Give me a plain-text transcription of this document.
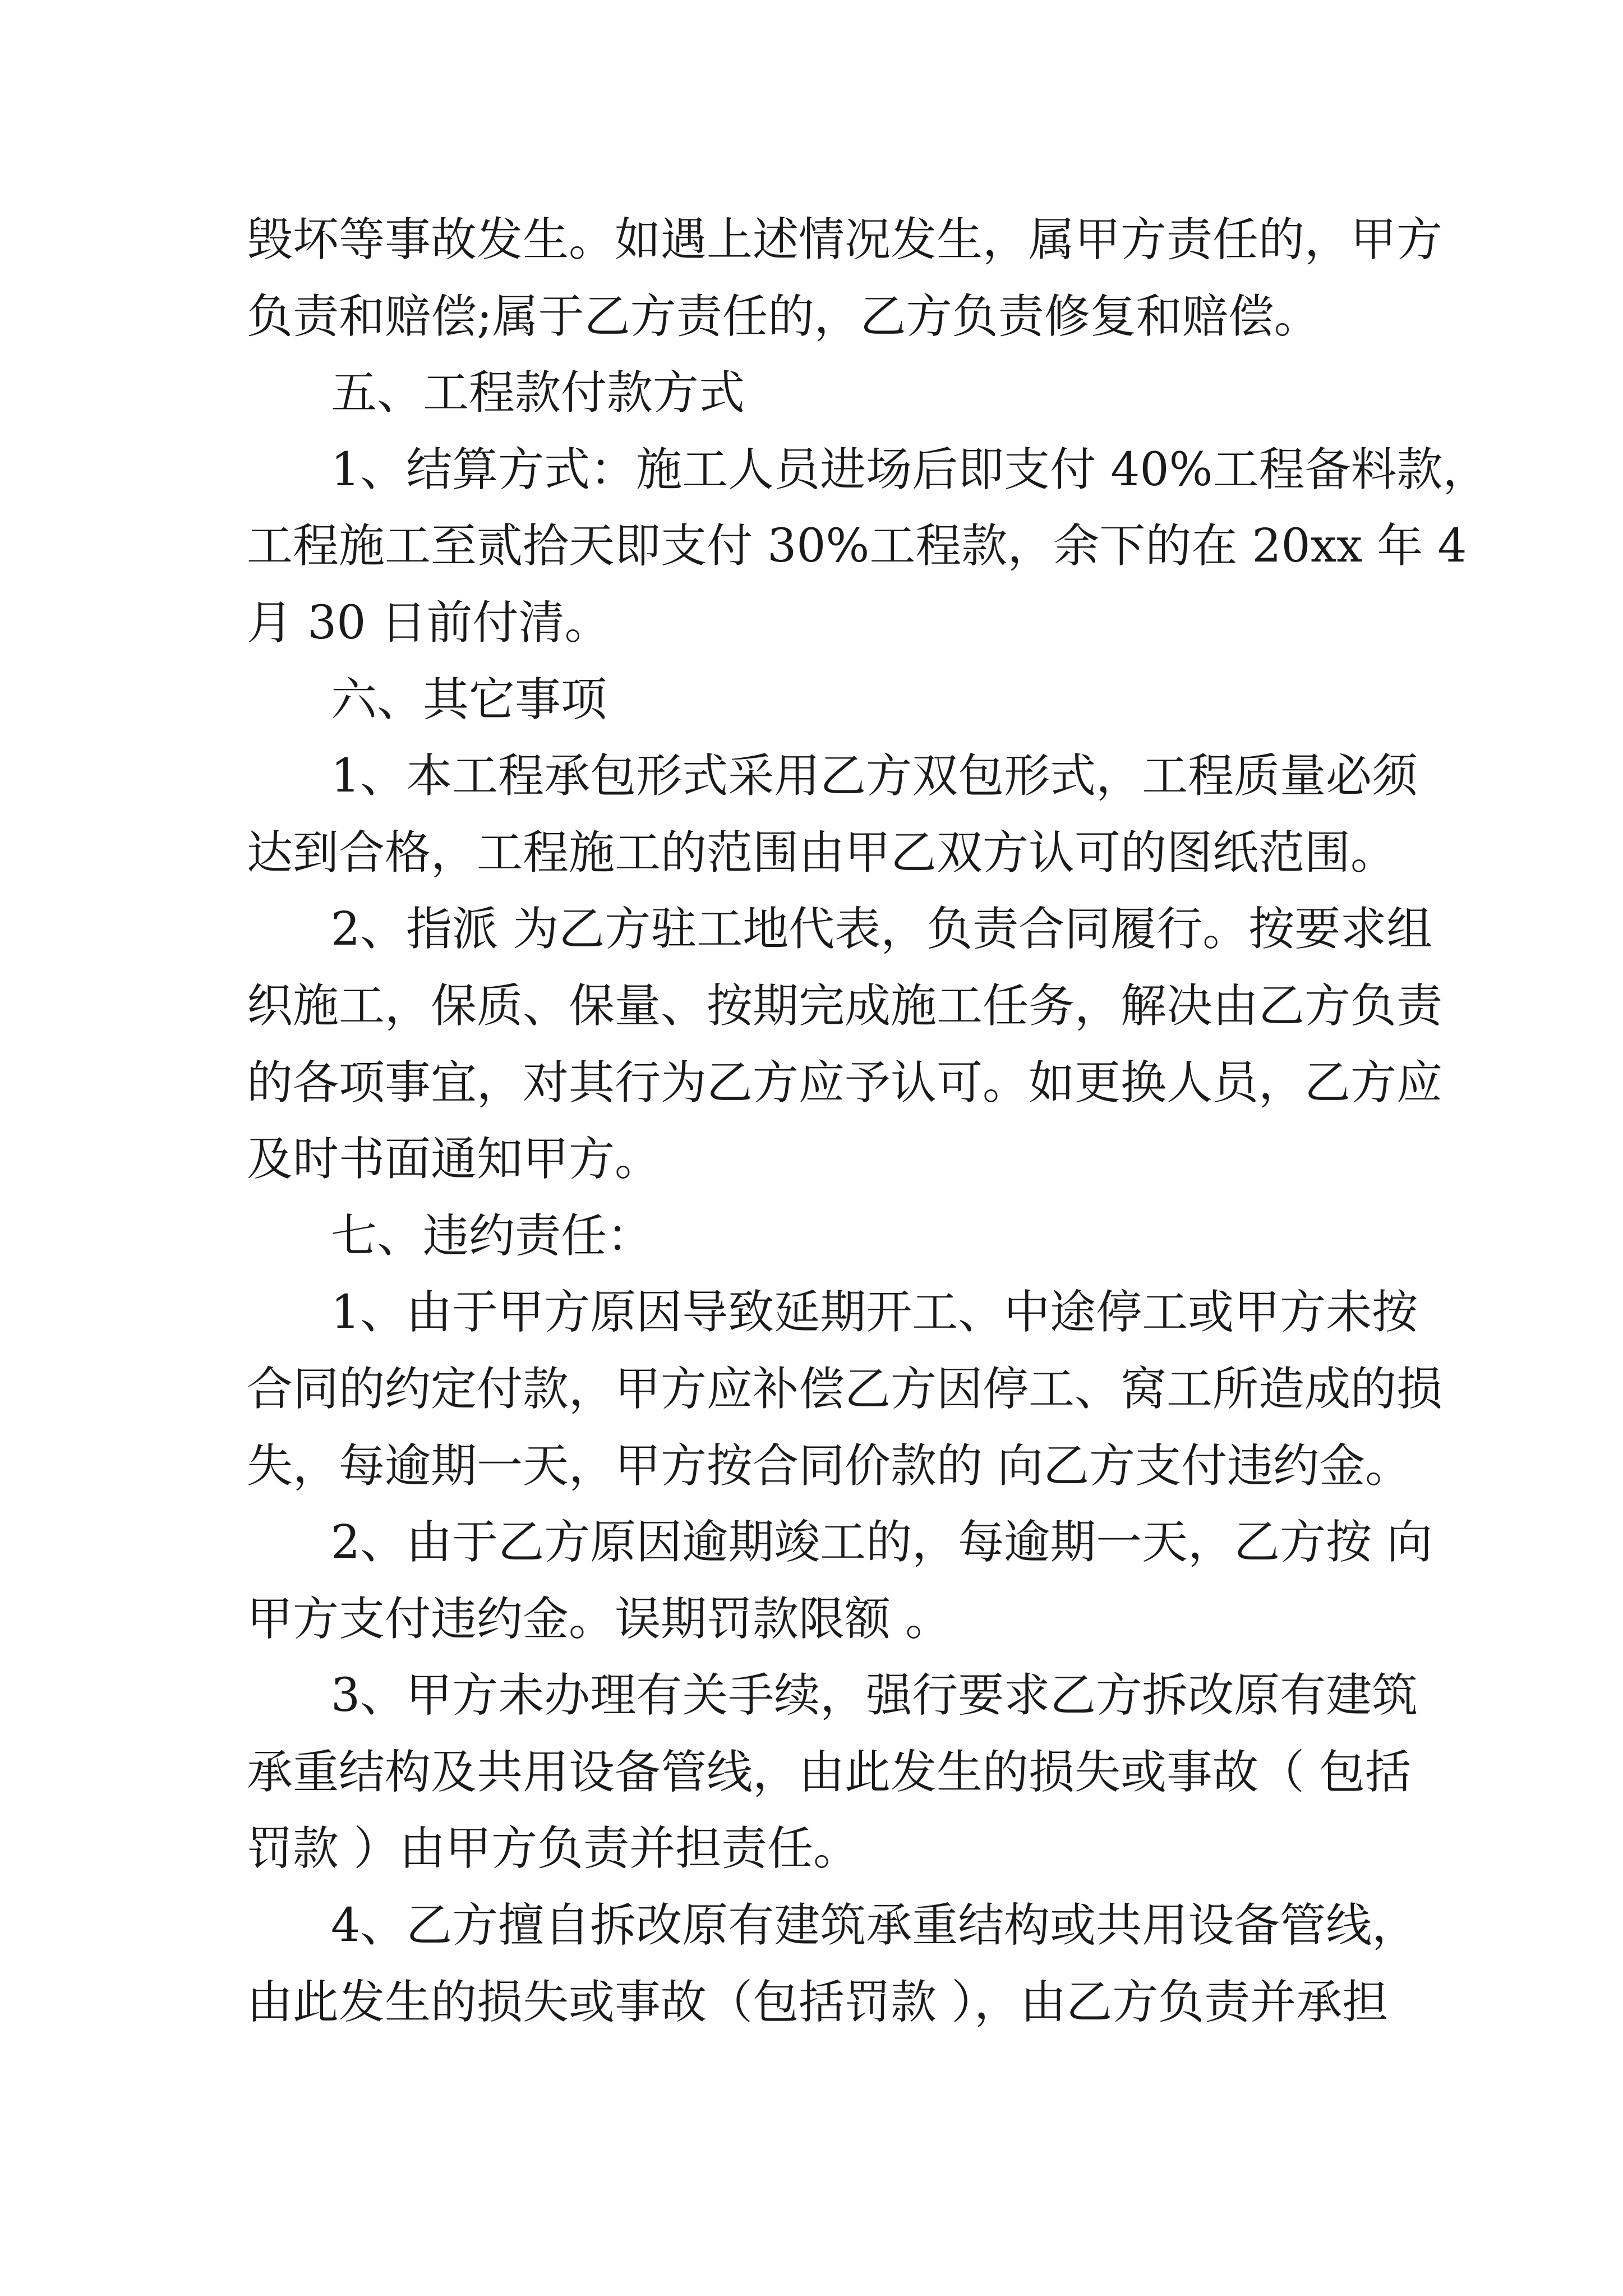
毁坏等事故发生。如遇上述情况发生，属甲方责任的，甲方

负责和赔偿;属于乙方责任的，乙方负责修复和赔偿。

五、工程款付款方式

1、结算方式：施工人员进场后即支付 40%工程备料款，

工程施工至贰拾天即支付 30%工程款，余下的在 20xx 年 4

月 30 日前付清。

六、其它事项

1、本工程承包形式采用乙方双包形式，工程质量必须

达到合格，工程施工的范围由甲乙双方认可的图纸范围。

2、指派 为乙方驻工地代表，负责合同履行。按要求组

织施工，保质、保量、按期完成施工任务，解决由乙方负责

的各项事宜，对其行为乙方应予认可。如更换人员，乙方应

及时书面通知甲方。

七、违约责任：

1、由于甲方原因导致延期开工、中途停工或甲方未按

合同的约定付款，甲方应补偿乙方因停工、窝工所造成的损

失，每逾期一天，甲方按合同价款的 向乙方支付违约金。

2、由于乙方原因逾期竣工的，每逾期一天，乙方按 向

甲方支付违约金。误期罚款限额 。

3、甲方未办理有关手续，强行要求乙方拆改原有建筑

承重结构及共用设备管线，由此发生的损失或事故（ 包括

罚款 ）由甲方负责并担责任。

4、乙方擅自拆改原有建筑承重结构或共用设备管线，

由此发生的损失或事故（包括罚款 ），由乙方负责并承担
